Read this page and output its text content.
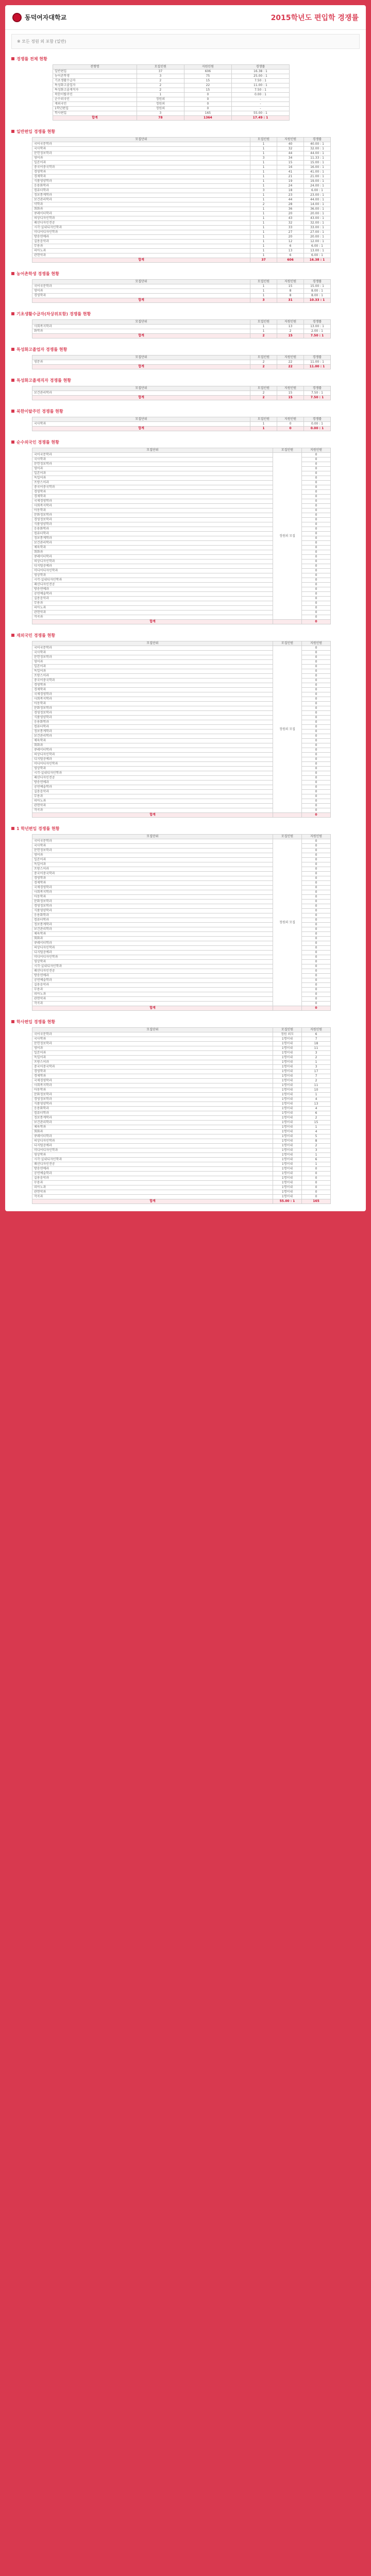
동덕여자대학교	2015학년도 편입학 경쟁률
※ 모든 정원 외 포함 (일반)
경쟁률 전체 현황
전형명	모집인원	지원인원	경쟁률
일반편입	37	606	16.38 : 1
농어촌학생	3	75	25.00 : 1
기초생활수급자	2	15	7.50 : 1
특성화고졸업자	2	22	11.00 : 1
특성화고졸재직자	2	15	7.50 : 1
북한이탈주민	1	0	0.00 : 1
순수외국인	정원외	0	-
재외국민	정원외	0	-
1학년편입	정원외	0	-
학사편입	3	165	55.00 : 1
합계	78	1364	17.49 : 1
일반편입 경쟁률 현황
모집단위	모집인원	지원인원	경쟁률
국어국문학과	1	40	40.00 : 1
국사학과	1	32	32.00 : 1
문헌정보학과	1	44	44.00 : 1
영어과	3	34	11.33 : 1
일본어과	1	15	15.00 : 1
중국어중국학과	1	16	16.00 : 1
경영학과	1	41	41.00 : 1
경제학과	1	21	21.00 : 1
식품영양학과	1	19	19.00 : 1
응용화학과	1	24	24.00 : 1
컴퓨터학과	3	18	6.00 : 1
정보통계학과	1	23	23.00 : 1
보건관리학과	1	44	44.00 : 1
약학과	2	28	14.00 : 1
회화과	1	36	36.00 : 1
큐레이터학과	1	20	20.00 : 1
의상디자인학과	1	43	43.00 : 1
패션디자인전공	1	32	32.00 : 1
시각·실내디자인학과	1	33	33.00 : 1
미디어디자인학과	1	27	27.00 : 1
방송연예과	1	20	20.00 : 1
실용음악과	1	12	12.00 : 1
무용과	1	6	6.00 : 1
피아노과	1	13	13.00 : 1
관현악과	1	6	6.00 : 1
합계	37	606	16.38 : 1
농어촌학생 경쟁률 현황
모집단위	모집인원	지원인원	경쟁률
국어국문학과	1	15	15.00 : 1
영어과	1	8	8.00 : 1
경영학과	1	8	8.00 : 1
합계	3	31	10.33 : 1
기초생활수급자(차상위포함) 경쟁률 현황
모집단위	모집인원	지원인원	경쟁률
사회복지학과	1	13	13.00 : 1
화학과	1	2	2.00 : 1
합계	2	15	7.50 : 1
특성화고졸업자 경쟁률 현황
모집단위	모집인원	지원인원	경쟁률
영문과	2	22	11.00 : 1
합계	2	22	11.00 : 1
특성화고졸재직자 경쟁률 현황
모집단위	모집인원	지원인원	경쟁률
보건관리학과	2	15	7.50 : 1
합계	2	15	7.50 : 1
북한이탈주민 경쟁률 현황
모집단위	모집인원	지원인원	경쟁률
국사학과	1	0	0.00 : 1
합계	1	0	0.00 : 1
순수외국인 경쟁률 현황
모집단위	모집인원	지원인원
국어국문학과	정원외 모집	0
국사학과		0
문헌정보학과		0
영어과		0
일본어과		0
독일어과		0
프랑스어과		0
중국어중국학과		0
경영학과		0
경제학과		0
국제경영학과		0
사회복지학과		0
아동학과		0
문화정보학과		0
경영정보학과		0
식품영양학과		0
응용화학과		0
컴퓨터학과		0
정보통계학과		0
보건관리학과		0
체육학과		0
회화과		0
큐레이터학과		0
의상디자인학과		0
디지털공예과		0
미디어디자인학과		0
영상학과		0
시각·실내디자인학과		0
패션디자인전공		0
방송연예과		0
공연예술학과		0
실용음악과		0
무용과		0
피아노과		0
관현악과		0
작곡과		0
합계		0
재외국민 경쟁률 현황
모집단위	모집인원	지원인원
국어국문학과	정원외 모집	0
국사학과		0
문헌정보학과		0
영어과		0
일본어과		0
독일어과		0
프랑스어과		0
중국어중국학과		0
경영학과		0
경제학과		0
국제경영학과		0
사회복지학과		0
아동학과		0
문화정보학과		0
경영정보학과		0
식품영양학과		0
응용화학과		0
컴퓨터학과		0
정보통계학과		0
보건관리학과		0
체육학과		0
회화과		0
큐레이터학과		0
의상디자인학과		0
디지털공예과		0
미디어디자인학과		0
영상학과		0
시각·실내디자인학과		0
패션디자인전공		0
방송연예과		0
공연예술학과		0
실용음악과		0
무용과		0
피아노과		0
관현악과		0
작곡과		0
합계		0
1 학년편입 경쟁률 현황
모집단위	모집인원	지원인원
국어국문학과	정원외 모집	0
국사학과		0
문헌정보학과		0
영어과		0
일본어과		0
독일어과		0
프랑스어과		0
중국어중국학과		0
경영학과		0
경제학과		0
국제경영학과		0
사회복지학과		0
아동학과		0
문화정보학과		0
경영정보학과		0
식품영양학과		0
응용화학과		0
컴퓨터학과		0
정보통계학과		0
보건관리학과		0
체육학과		0
회화과		0
큐레이터학과		0
의상디자인학과		0
디지털공예과		0
미디어디자인학과		0
영상학과		0
시각·실내디자인학과		0
패션디자인전공		0
방송연예과		0
공연예술학과		0
실용음악과		0
무용과		0
피아노과		0
관현악과		0
작곡과		0
합계		0
학사편입 경쟁률 현황
모집단위	모집인원	지원인원
국어국문학과	정원 외모	6
국사학과	1명이내	7
문헌정보학과	1명이내	18
영어과	1명이내	11
일본어과	1명이내	3
독일어과	1명이내	2
프랑스어과	1명이내	1
중국어중국학과	1명이내	3
경영학과	1명이내	17
경제학과	1명이내	7
국제경영학과	1명이내	2
사회복지학과	1명이내	11
아동학과	1명이내	10
문화정보학과	1명이내	1
경영정보학과	1명이내	4
식품영양학과	1명이내	13
응용화학과	1명이내	4
컴퓨터학과	1명이내	6
정보통계학과	1명이내	2
보건관리학과	1명이내	15
체육학과	1명이내	1
회화과	1명이내	4
큐레이터학과	1명이내	5
의상디자인학과	1명이내	8
디지털공예과	1명이내	2
미디어디자인학과	1명이내	3
영상학과	1명이내	1
시각·실내디자인학과	1명이내	6
패션디자인전공	1명이내	1
방송연예과	1명이내	0
공연예술학과	1명이내	0
실용음악과	1명이내	0
무용과	1명이내	0
피아노과	1명이내	0
관현악과	1명이내	0
작곡과	1명이내	0
합계	55.00 : 1	165
